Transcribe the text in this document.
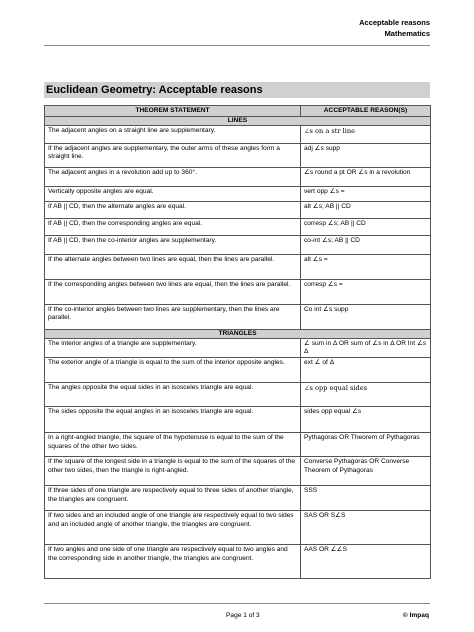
Acceptable reasons
Mathematics
Euclidean Geometry: Acceptable reasons
THEOREM STATEMENT	ACCEPTABLE REASON(S)
LINES	
The adjacent angles on a straight line are supplementary.	∠s on a str line
If the adjacent angles are supplementary, the outer arms of these angles form a straight line.	adj ∠s supp
The adjacent angles in a revolution add up to 360°.	∠s round a pt OR ∠s in a revolution
Vertically opposite angles are equal.	vert opp ∠s =
If AB || CD, then the alternate angles are equal.	alt ∠s; AB || CD
If AB || CD, then the corresponding angles are equal.	corresp ∠s; AB || CD
If AB || CD, then the co-interior angles are supplementary.	co-int ∠s; AB || CD
If the alternate angles between two lines are equal, then the lines are parallel.	alt ∠s =
If the corresponding angles between two lines are equal, then the lines are parallel.	corresp ∠s =
If the co-interior angles between two lines are supplementary, then the lines are parallel.	Co int ∠s supp
TRIANGLES	
The interior angles of a triangle are supplementary.	∠ sum in Δ OR sum of ∠s in Δ OR Int ∠s Δ
The exterior angle of a triangle is equal to the sum of the interior opposite angles.	ext ∠ of Δ
The angles opposite the equal sides in an isosceles triangle are equal.	∠s opp equal sides
The sides opposite the equal angles in an isosceles triangle are equal.	sides opp equal ∠s
In a right-angled triangle, the square of the hypotenuse is equal to the sum of the squares of the other two sides.	Pythagoras OR Theorem of Pythagoras
If the square of the longest side in a triangle is equal to the sum of the squares of the other two sides, then the triangle is right-angled.	Converse Pythagoras OR Converse Theorem of Pythagoras
If three sides of one triangle are respectively equal to three sides of another triangle, the triangles are congruent.	SSS
If two sides and an included angle of one triangle are respectively equal to two sides and an included angle of another triangle, the triangles are congruent.	SAS OR S∠S
If two angles and one side of one triangle are respectively equal to two angles and the corresponding side in another triangle, the triangles are congruent.	AAS OR ∠∠S
Page 1 of 3	© Impaq
